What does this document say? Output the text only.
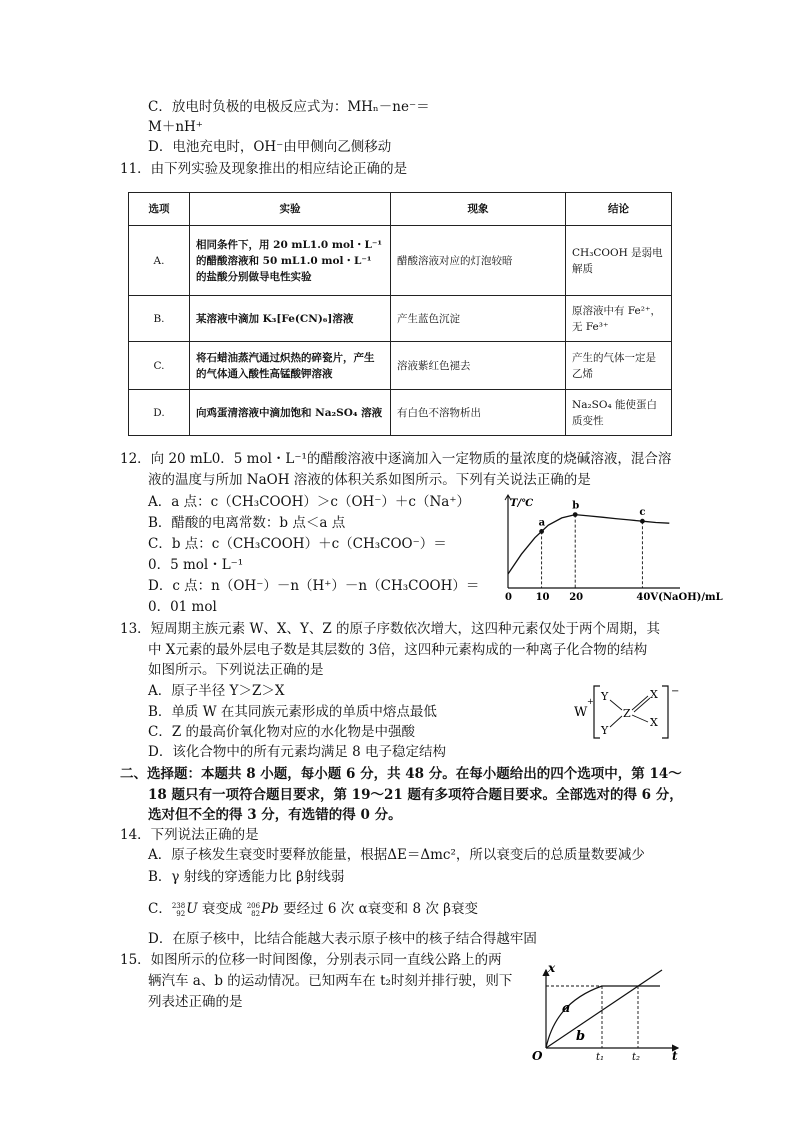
C．放电时负极的电极反应式为：MHₙ－ne⁻＝
M＋nH⁺
D．电池充电时，OH⁻由甲侧向乙侧移动
11．由下列实验及现象推出的相应结论正确的是
选项	实验	现象	结论
A.	相同条件下，用 20 mL1.0 mol・L⁻¹ 的醋酸溶液和 50 mL1.0 mol・L⁻¹ 的盐酸分别做导电性实验	醋酸溶液对应的灯泡较暗	CH₃COOH 是弱电解质
B.	某溶液中滴加 K₃[Fe(CN)₆]溶液	产生蓝色沉淀	原溶液中有 Fe²⁺，无 Fe³⁺
C.	将石蜡油蒸汽通过炽热的碎瓷片，产生的气体通入酸性高锰酸钾溶液	溶液紫红色褪去	产生的气体一定是乙烯
D.	向鸡蛋清溶液中滴加饱和 Na₂SO₄ 溶液	有白色不溶物析出	Na₂SO₄ 能使蛋白质变性
12．向 20 mL0．5 mol・L⁻¹的醋酸溶液中逐滴加入一定物质的量浓度的烧碱溶液，混合溶
液的温度与所加 NaOH 溶液的体积关系如图所示。下列有关说法正确的是
A．a 点：c（CH₃COOH）＞c（OH⁻）＋c（Na⁺）
B．醋酸的电离常数：b 点＜a 点
C．b 点：c（CH₃COOH）＋c（CH₃COO⁻）＝
0．5 mol・L⁻¹
D．c 点：n（OH⁻）－n（H⁺）－n（CH₃COOH）＝
0．01 mol
T/℃
a
b
c
0 10 20	40 V(NaOH)/mL
13．短周期主族元素 W、X、Y、Z 的原子序数依次增大，这四种元素仅处于两个周期，其
中 X元素的最外层电子数是其层数的 3倍，这四种元素构成的一种离子化合物的结构
如图所示。下列说法正确的是
A．原子半径 Y＞Z＞X
B．单质 W 在其同族元素形成的单质中熔点最低
C．Z 的最高价氧化物对应的水化物是中强酸
D．该化合物中的所有元素均满足 8 电子稳定结构
W
+
−
Y
Y
Z
X
X
二、选择题：本题共 8 小题，每小题 6 分，共 48 分。在每小题给出的四个选项中，第 14～
18 题只有一项符合题目要求，第 19～21 题有多项符合题目要求。全部选对的得 6 分，
选对但不全的得 3 分，有选错的得 0 分。
14．下列说法正确的是
A．原子核发生衰变时要释放能量，根据ΔE＝Δmc²，所以衰变后的总质量数要减少
B．γ 射线的穿透能力比 β射线弱
C．238
92U 衰变成 206
82Pb 要经过 6 次 α衰变和 8 次 β衰变
D．在原子核中，比结合能越大表示原子核中的核子结合得越牢固
15．如图所示的位移一时间图像，分别表示同一直线公路上的两
辆汽车 a、b 的运动情况。已知两车在 t₂时刻并排行驶，则下
列表述正确的是
x
t
O
a
b
t₁	t₂
